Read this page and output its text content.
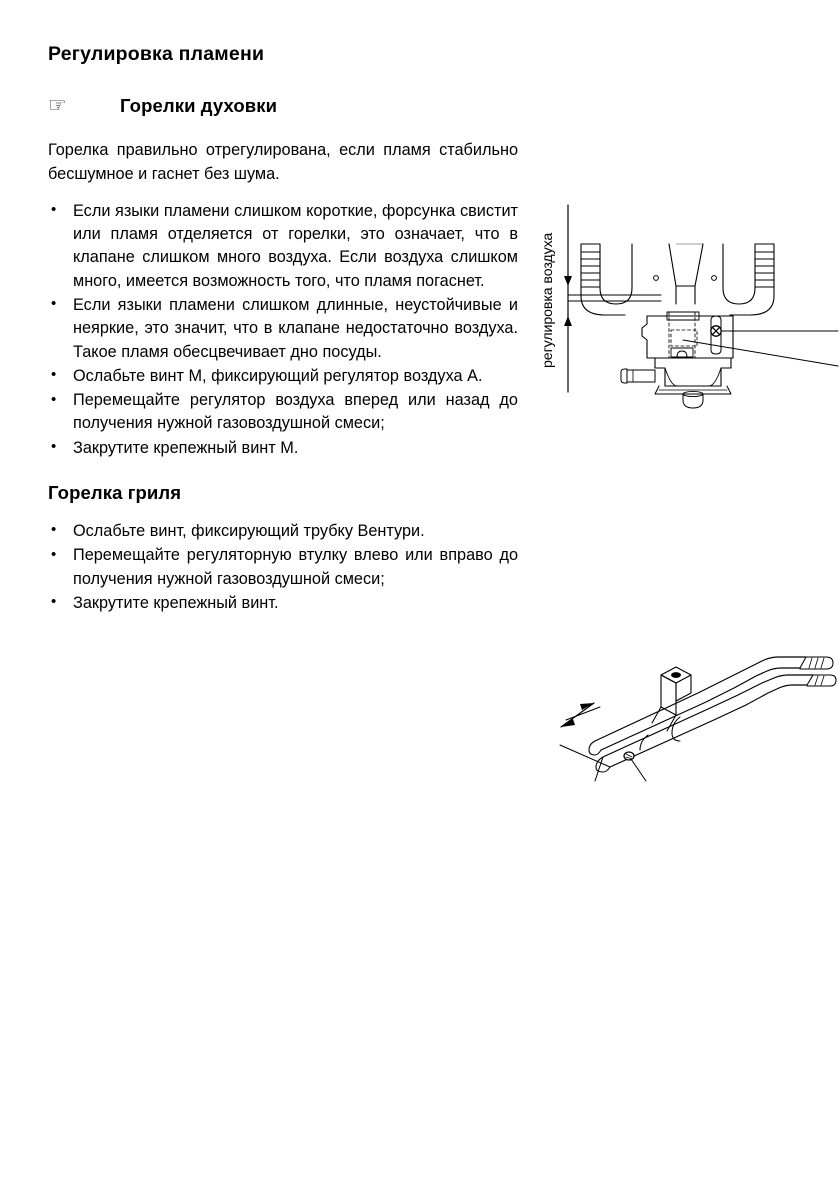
Регулировка пламени
☞	Горелки духовки

Горелка правильно отрегулирована, если пламя стабильно бесшумное и гаснет без шума.

• Если языки пламени слишком короткие, форсунка свистит или пламя отделяется от горелки, это означает, что в клапане слишком много воздуха. Если воздуха слишком много, имеется возможность того, что пламя погаснет.
• Если языки пламени слишком длинные, неустойчивые и неяркие, это значит, что в клапане недостаточно воздуха. Такое пламя обесцвечивает дно посуды.
• Ослабьте винт M, фиксирующий регулятор воздуха A.
• Перемещайте регулятор воздуха вперед или назад до получения нужной газовоздушной смеси;
• Закрутите крепежный винт M.
Горелка гриля
• Ослабьте винт, фиксирующий трубку Вентури.
• Перемещайте регуляторную втулку влево или вправо до получения нужной газовоздушной смеси;
• Закрутите крепежный винт.
регулировка воздуха
